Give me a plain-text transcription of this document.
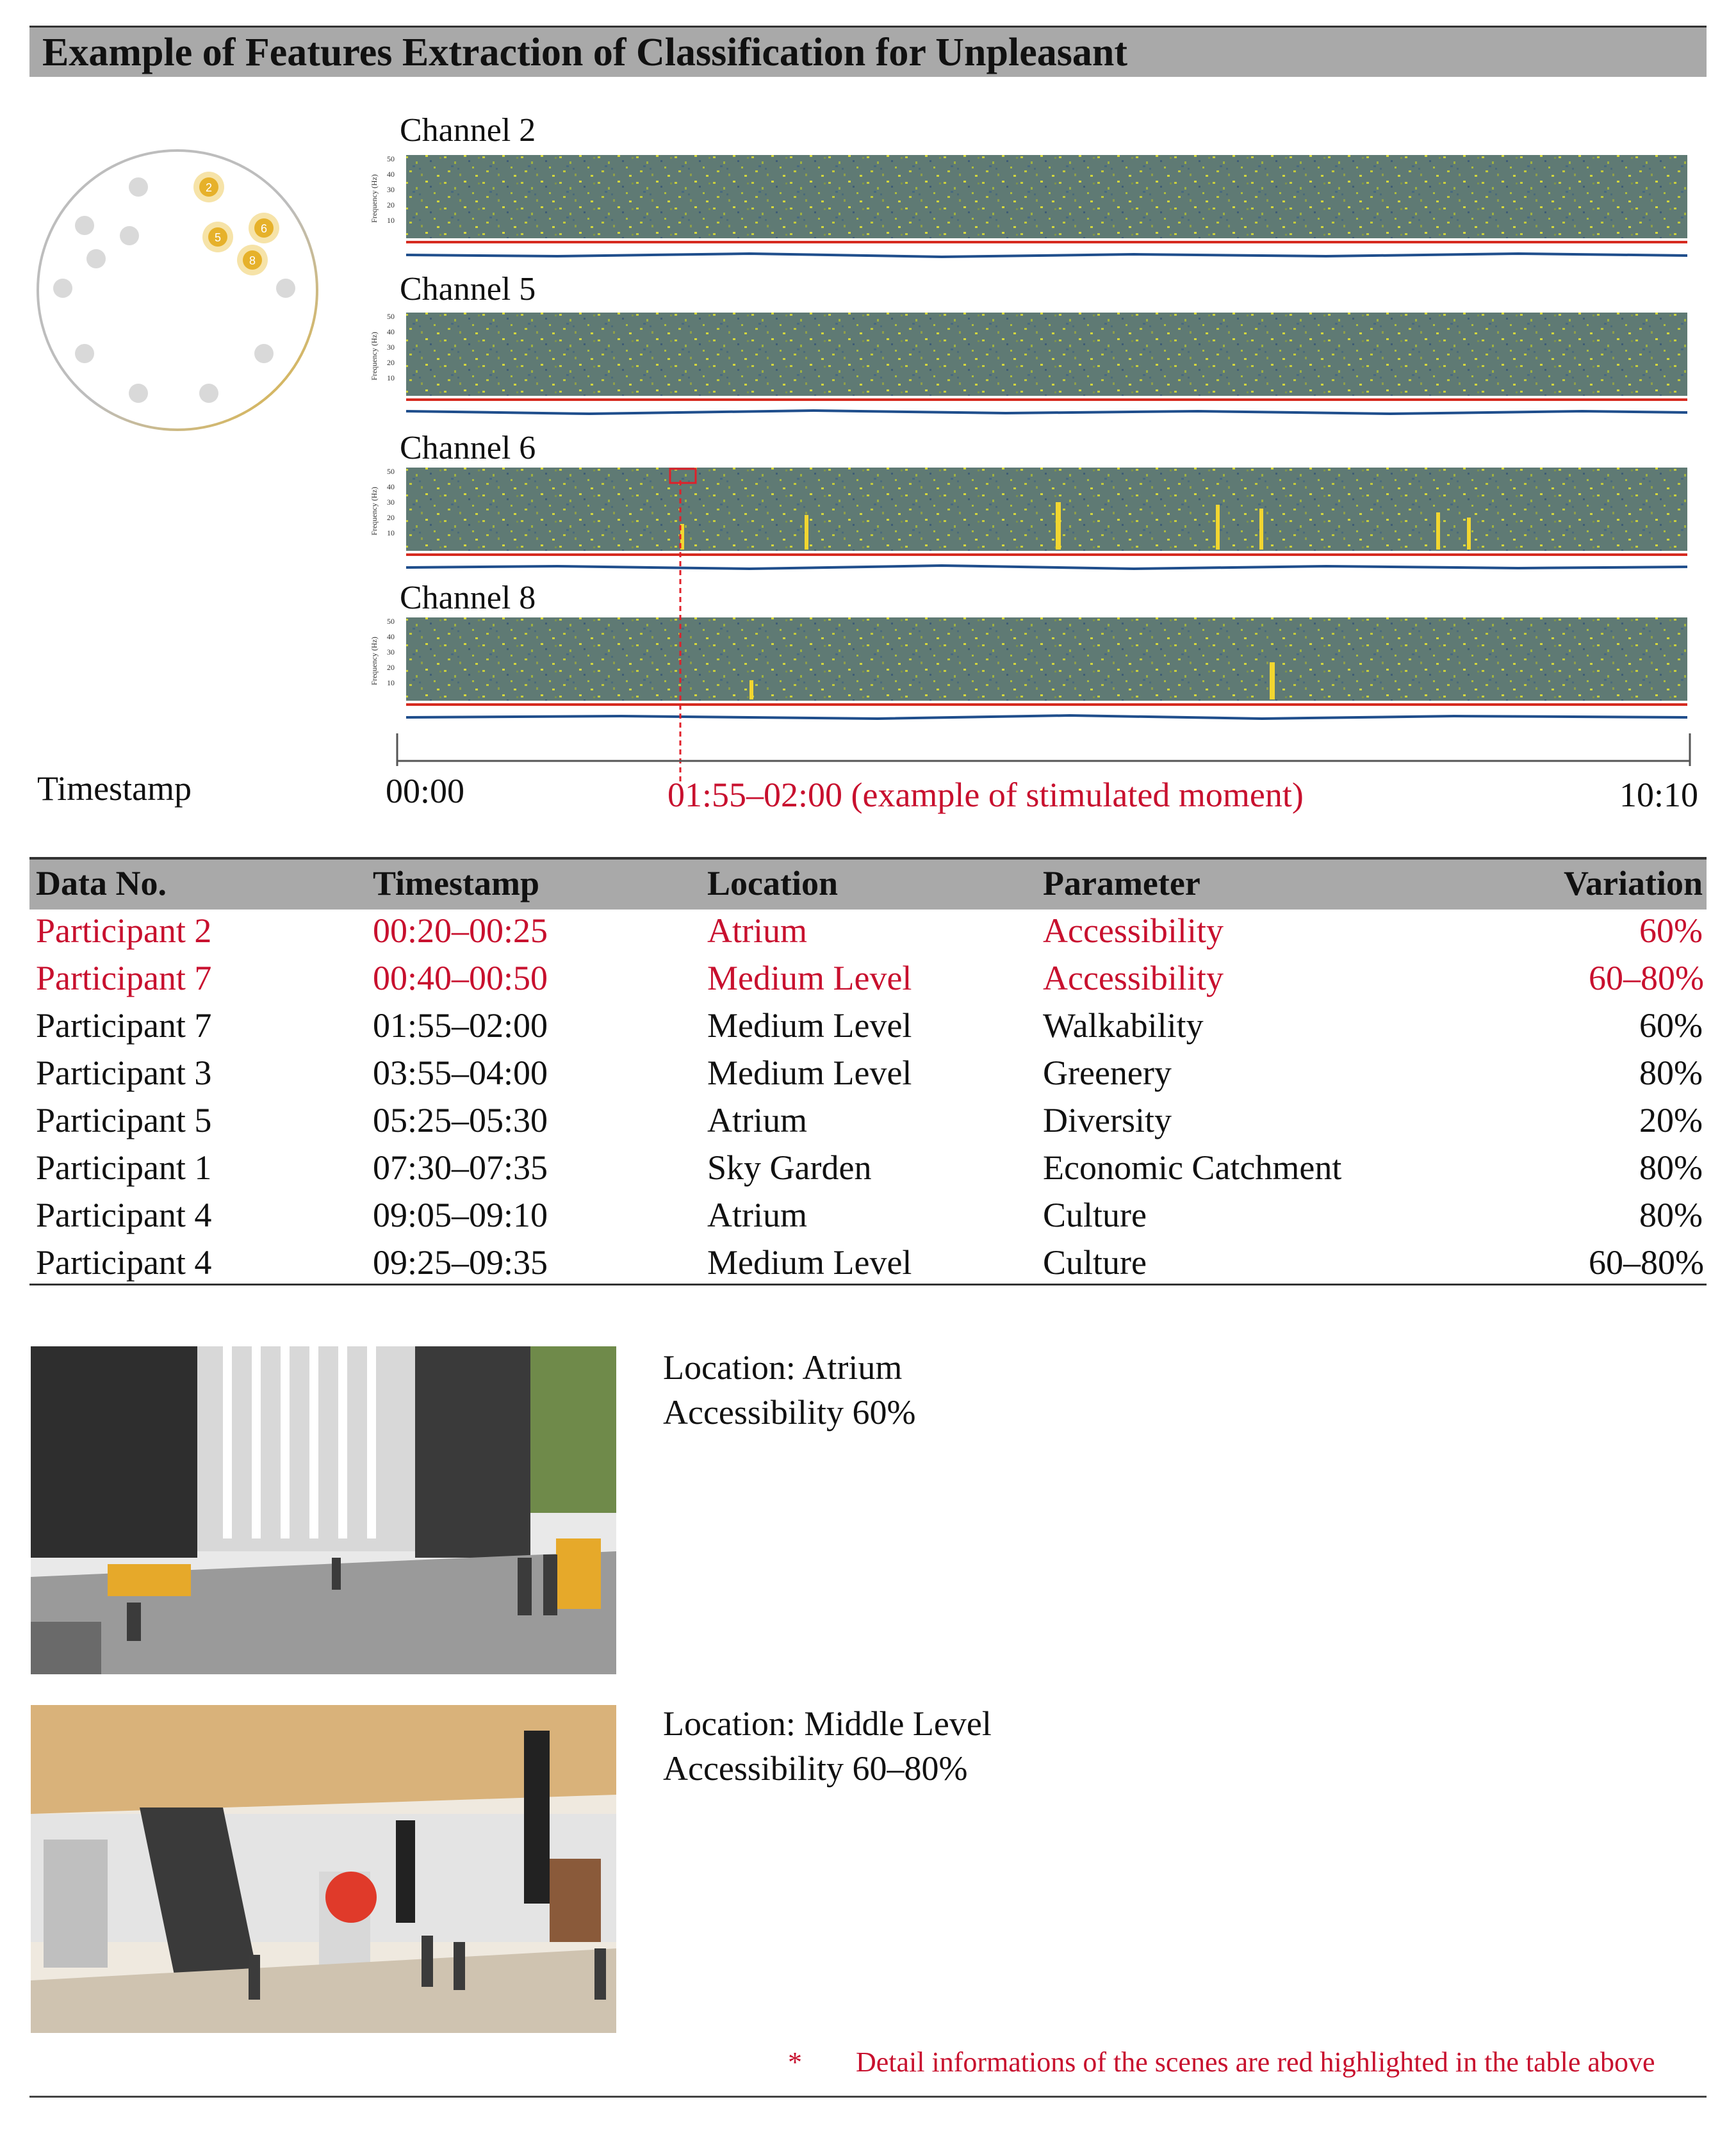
Example of Features Extraction of Classification for Unpleasant
2
5
6
8
Channel 2
Channel 5
Channel 6
Channel 8
Frequency (Hz)
50
40
30
20
10
Frequency (Hz)
50
40
30
20
10
Frequency (Hz)
50
40
30
20
10
Frequency (Hz)
50
40
30
20
10
Timestamp	00:00	01:55‒02:00 (example of stimulated moment)	10:10
Data No.	Timestamp	Location	Parameter	Variation
Participant 2	00:20‒00:25	Atrium	Accessibility	60%
Participant 7	00:40‒00:50	Medium Level	Accessibility	60‒80%
Participant 7	01:55‒02:00	Medium Level	Walkability	60%
Participant 3	03:55‒04:00	Medium Level	Greenery	80%
Participant 5	05:25‒05:30	Atrium	Diversity	20%
Participant 1	07:30‒07:35	Sky Garden	Economic Catchment	80%
Participant 4	09:05‒09:10	Atrium	Culture	80%
Participant 4	09:25‒09:35	Medium Level	Culture	60‒80%
Location: Atrium
Accessibility 60%
Location: Middle Level
Accessibility 60‒80%
* Detail informations of the scenes are red highlighted in the table above
